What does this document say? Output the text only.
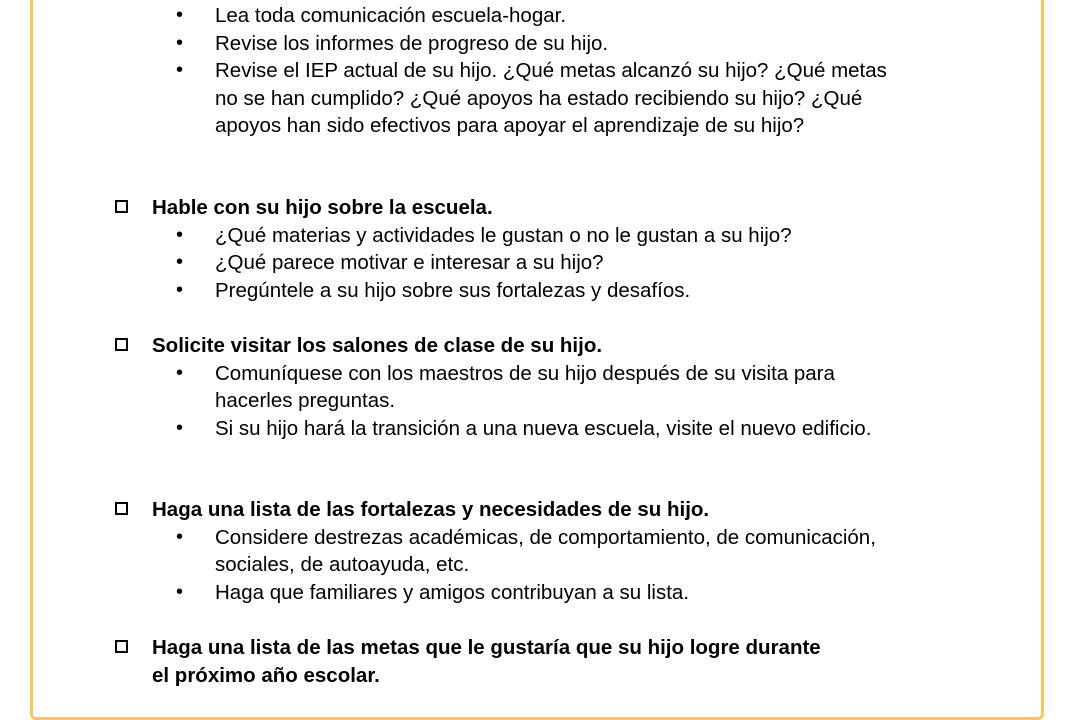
• Lea toda comunicación escuela-hogar.
• Revise los informes de progreso de su hijo.
• Revise el IEP actual de su hijo. ¿Qué metas alcanzó su hijo? ¿Qué metas no se han cumplido? ¿Qué apoyos ha estado recibiendo su hijo? ¿Qué apoyos han sido efectivos para apoyar el aprendizaje de su hijo?
Hable con su hijo sobre la escuela.
• ¿Qué materias y actividades le gustan o no le gustan a su hijo?
• ¿Qué parece motivar e interesar a su hijo?
• Pregúntele a su hijo sobre sus fortalezas y desafíos.
Solicite visitar los salones de clase de su hijo.
• Comuníquese con los maestros de su hijo después de su visita para hacerles preguntas.
• Si su hijo hará la transición a una nueva escuela, visite el nuevo edificio.
Haga una lista de las fortalezas y necesidades de su hijo.
• Considere destrezas académicas, de comportamiento, de comunicación, sociales, de autoayuda, etc.
• Haga que familiares y amigos contribuyan a su lista.
Haga una lista de las metas que le gustaría que su hijo logre durante el próximo año escolar.
